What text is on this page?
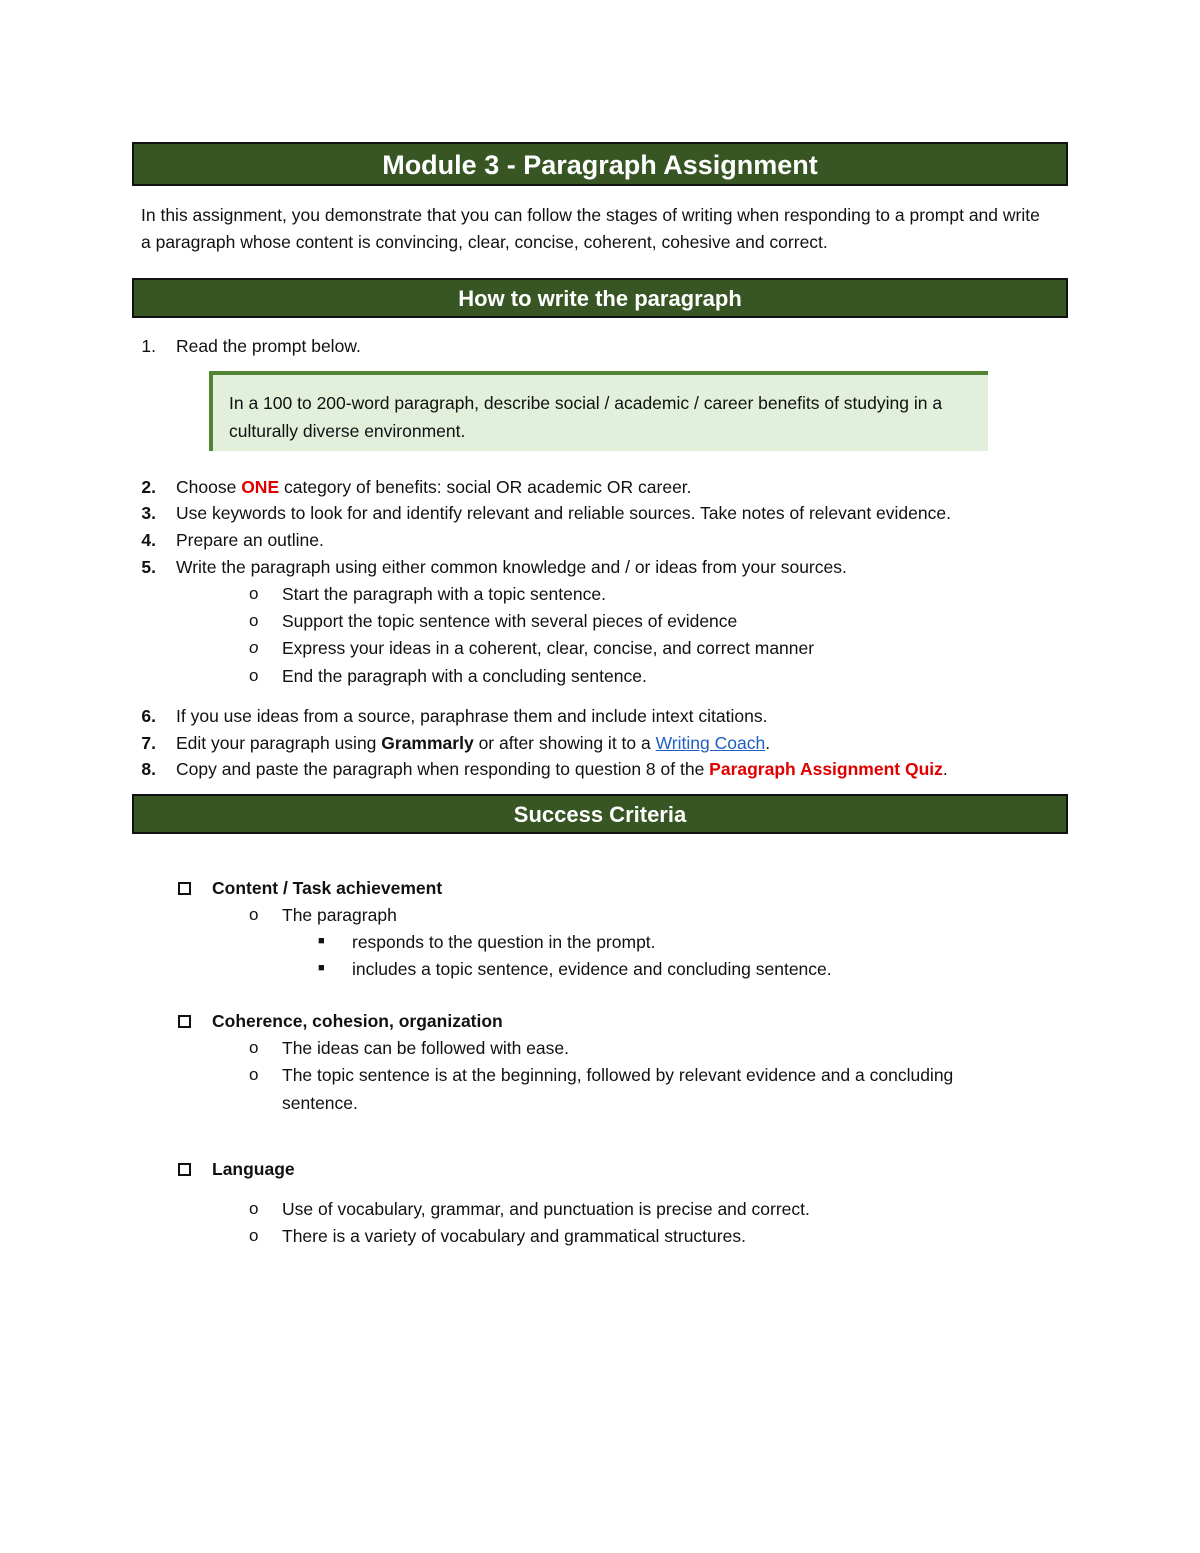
Module 3 - Paragraph Assignment
In this assignment, you demonstrate that you can follow the stages of writing when responding to a prompt and write a paragraph whose content is convincing, clear, concise, coherent, cohesive and correct.
How to write the paragraph
1. Read the prompt below.
In a 100 to 200-word paragraph, describe social / academic / career benefits of studying in a culturally diverse environment.
2. Choose ONE category of benefits: social OR academic OR career.
3. Use keywords to look for and identify relevant and reliable sources. Take notes of relevant evidence.
4. Prepare an outline.
5. Write the paragraph using either common knowledge and / or ideas from your sources.
o Start the paragraph with a topic sentence.
o Support the topic sentence with several pieces of evidence
o Express your ideas in a coherent, clear, concise, and correct manner
o End the paragraph with a concluding sentence.
6. If you use ideas from a source, paraphrase them and include intext citations.
7. Edit your paragraph using Grammarly or after showing it to a Writing Coach.
8. Copy and paste the paragraph when responding to question 8 of the Paragraph Assignment Quiz.
Success Criteria
Content / Task achievement
o The paragraph
■ responds to the question in the prompt.
■ includes a topic sentence, evidence and concluding sentence.
Coherence, cohesion, organization
o The ideas can be followed with ease.
o The topic sentence is at the beginning, followed by relevant evidence and a concluding
sentence.
Language
o Use of vocabulary, grammar, and punctuation is precise and correct.
o There is a variety of vocabulary and grammatical structures.
